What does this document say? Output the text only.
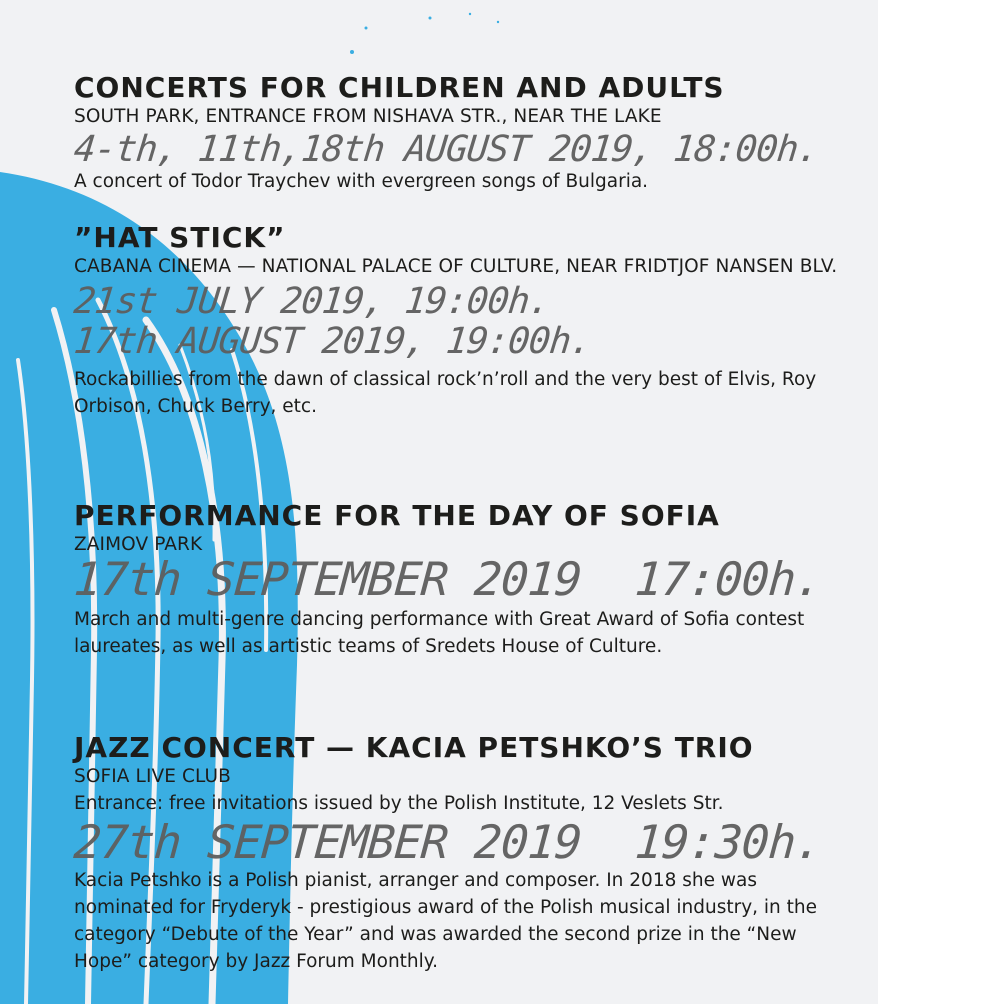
CONCERTS FOR CHILDREN AND ADULTS

SOUTH PARK, ENTRANCE FROM NISHAVA STR., NEAR THE LAKE

4-th, 11th,18th AUGUST 2019, 18:00h.

A concert of Todor Traychev with evergreen songs of Bulgaria.

”HAT STICK”

CABANA CINEMA — NATIONAL PALACE OF CULTURE, NEAR FRIDTJOF NANSEN BLV.

21st JULY 2019, 19:00h.

17th AUGUST 2019, 19:00h.

Rockabillies from the dawn of classical rock’n’roll and the very best of Elvis, Roy Orbison, Chuck Berry, etc.

PERFORMANCE FOR THE DAY OF SOFIA

ZAIMOV PARK

17th SEPTEMBER 2019 17:00h.

March and multi-genre dancing performance with Great Award of Sofia contest laureates, as well as artistic teams of Sredets House of Culture.

JAZZ CONCERT — KACIA PETSHKO’S TRIO

SOFIA LIVE CLUB

Entrance: free invitations issued by the Polish Institute, 12 Veslets Str.

27th SEPTEMBER 2019 19:30h.

Kacia Petshko is a Polish pianist, arranger and composer. In 2018 she was nominated for Fryderyk - prestigious award of the Polish musical industry, in the category “Debute of the Year” and was awarded the second prize in the “New Hope” category by Jazz Forum Monthly.
